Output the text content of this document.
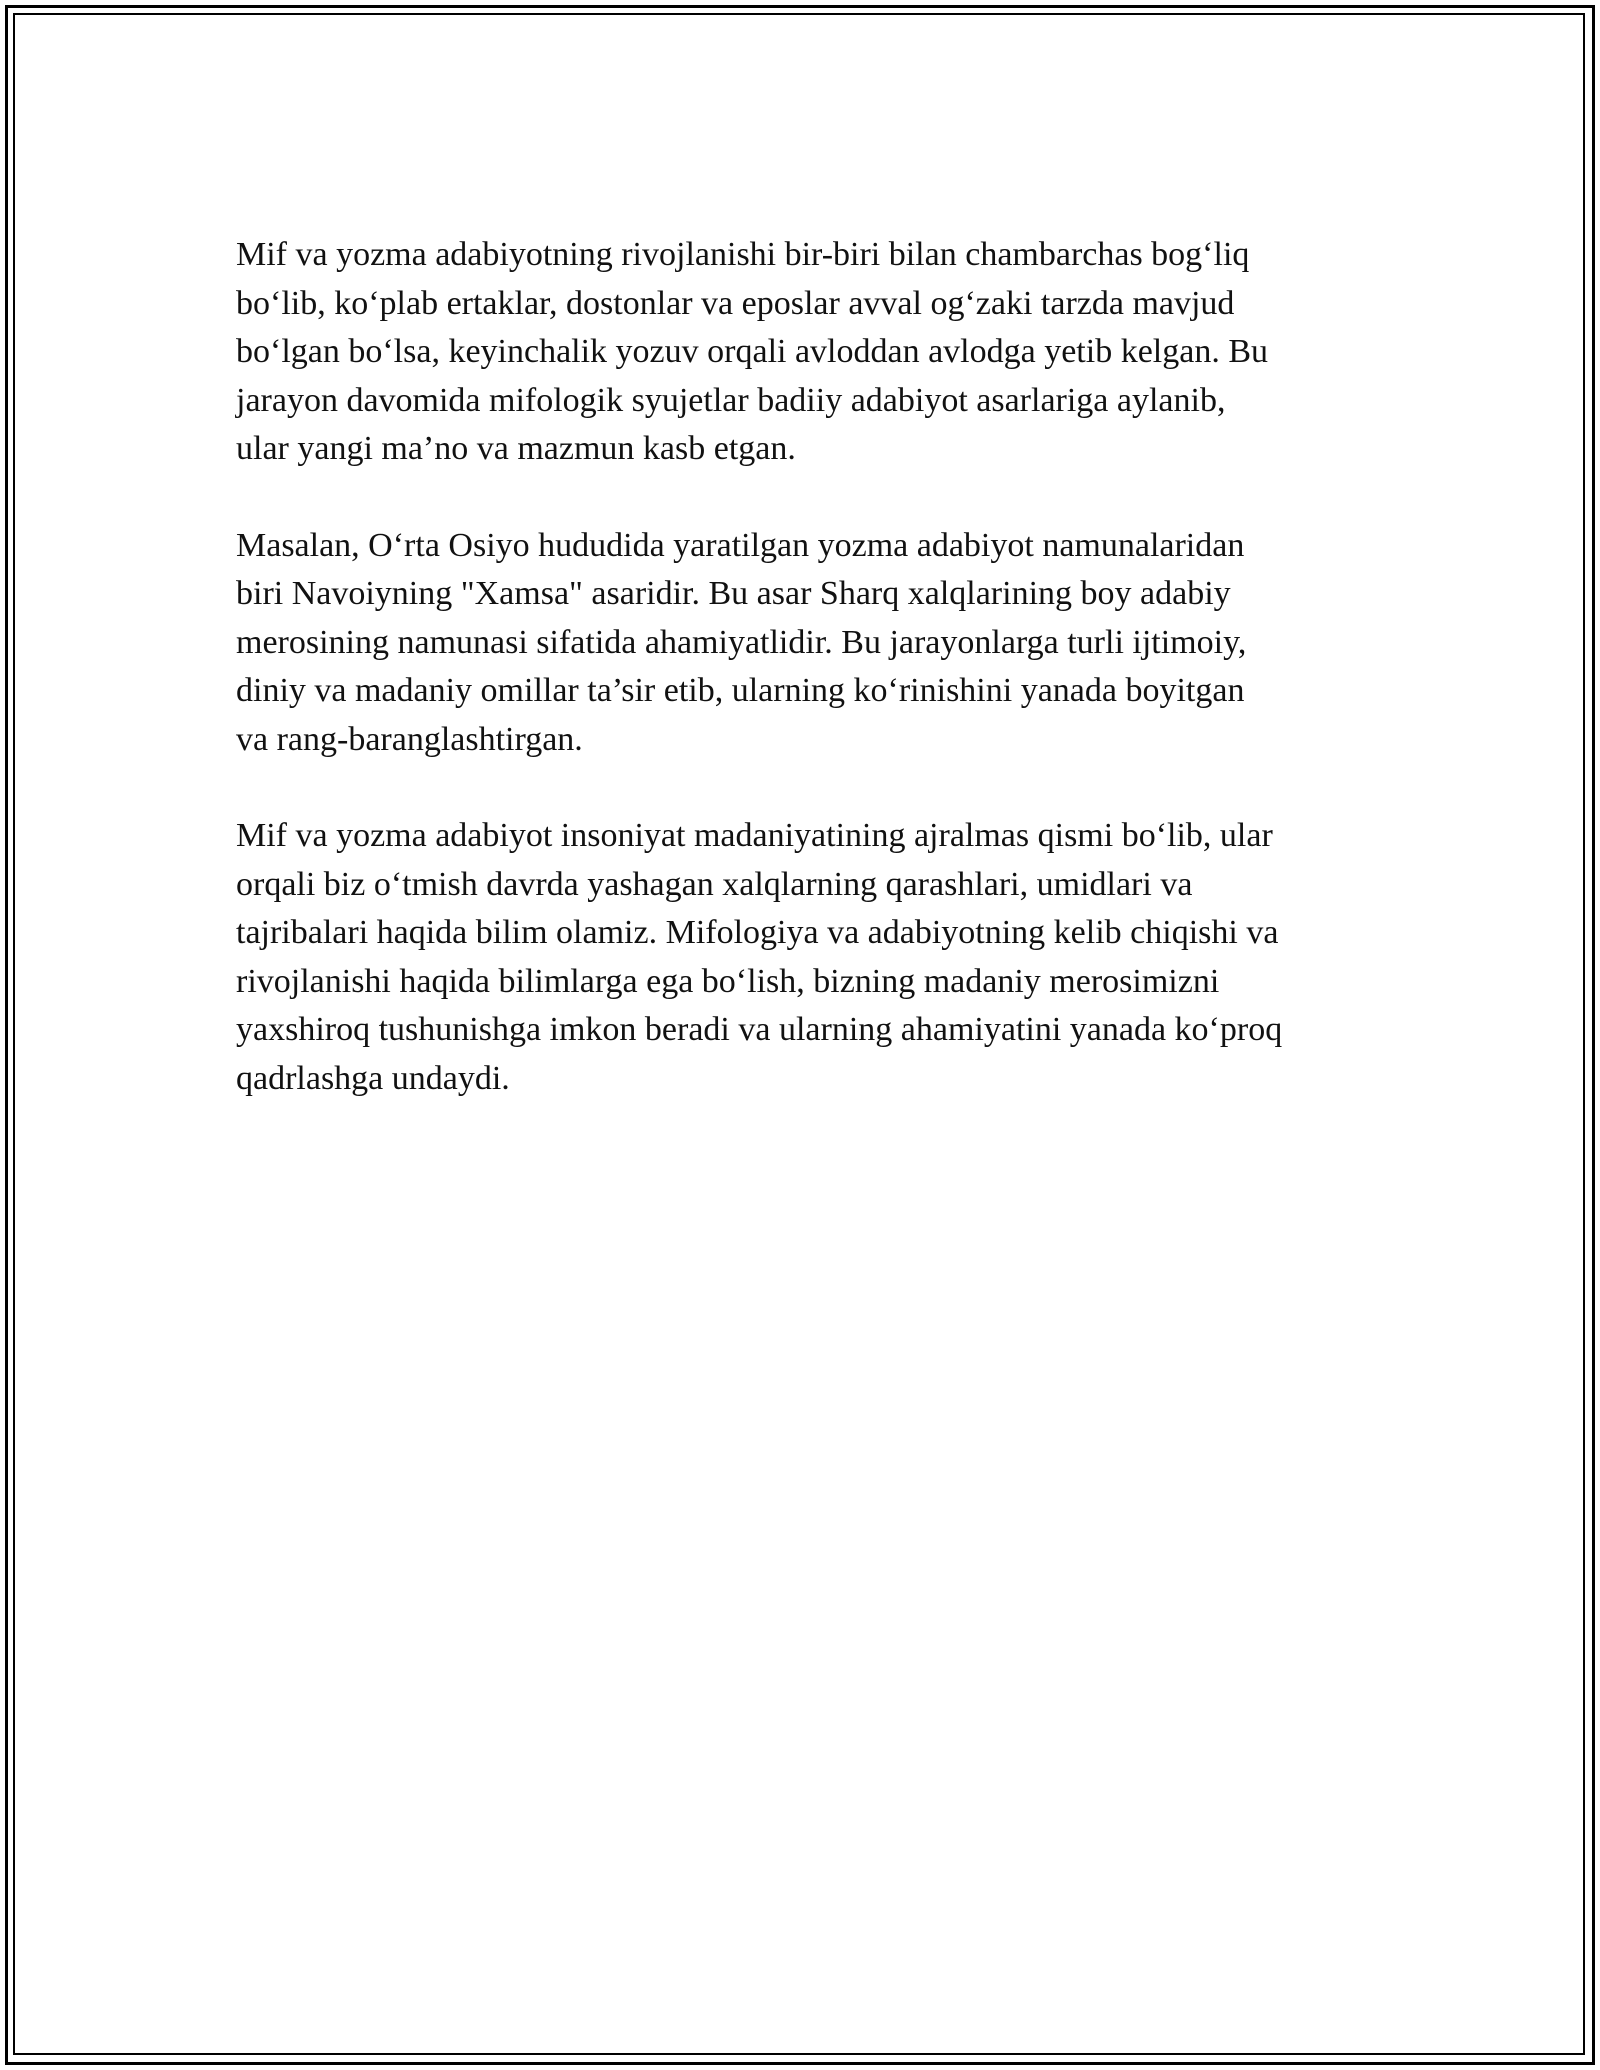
Mif va yozma adabiyotning rivojlanishi bir-biri bilan chambarchas bog‘liq
bo‘lib, ko‘plab ertaklar, dostonlar va eposlar avval og‘zaki tarzda mavjud
bo‘lgan bo‘lsa, keyinchalik yozuv orqali avloddan avlodga yetib kelgan. Bu
jarayon davomida mifologik syujetlar badiiy adabiyot asarlariga aylanib,
ular yangi ma’no va mazmun kasb etgan.

Masalan, O‘rta Osiyo hududida yaratilgan yozma adabiyot namunalaridan
biri Navoiyning "Xamsa" asaridir. Bu asar Sharq xalqlarining boy adabiy
merosining namunasi sifatida ahamiyatlidir. Bu jarayonlarga turli ijtimoiy,
diniy va madaniy omillar ta’sir etib, ularning ko‘rinishini yanada boyitgan
va rang-baranglashtirgan.

Mif va yozma adabiyot insoniyat madaniyatining ajralmas qismi bo‘lib, ular
orqali biz o‘tmish davrda yashagan xalqlarning qarashlari, umidlari va
tajribalari haqida bilim olamiz. Mifologiya va adabiyotning kelib chiqishi va
rivojlanishi haqida bilimlarga ega bo‘lish, bizning madaniy merosimizni
yaxshiroq tushunishga imkon beradi va ularning ahamiyatini yanada ko‘proq
qadrlashga undaydi.
